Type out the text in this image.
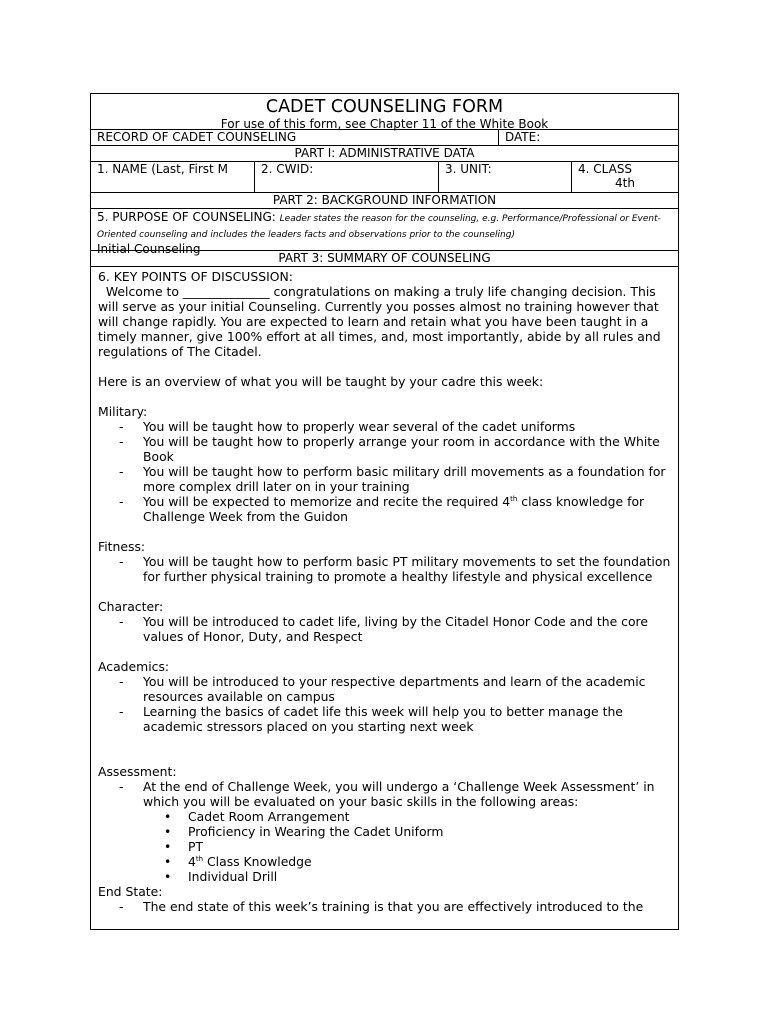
CADET COUNSELING FORM
For use of this form, see Chapter 11 of the White Book
RECORD OF CADET COUNSELING	DATE:
PART I: ADMINISTRATIVE DATA
1. NAME (Last, First M	2. CWID:	3. UNIT:	4. CLASS
4th
PART 2: BACKGROUND INFORMATION
5. PURPOSE OF COUNSELING: Leader states the reason for the counseling, e.g. Performance/Professional or Event-Oriented counseling and includes the leaders facts and observations prior to the counseling)
Initial Counseling
PART 3: SUMMARY OF COUNSELING

6. KEY POINTS OF DISCUSSION:

Welcome to ______________ congratulations on making a truly life changing decision. This will serve as your initial Counseling. Currently you posses almost no training however that will change rapidly. You are expected to learn and retain what you have been taught in a timely manner, give 100% effort at all times, and, most importantly, abide by all rules and regulations of The Citadel.

Here is an overview of what you will be taught by your cadre this week:

Military:

- You will be taught how to properly wear several of the cadet uniforms
- You will be taught how to properly arrange your room in accordance with the White Book
- You will be taught how to perform basic military drill movements as a foundation for more complex drill later on in your training
- You will be expected to memorize and recite the required 4th class knowledge for Challenge Week from the Guidon

Fitness:

- You will be taught how to perform basic PT military movements to set the foundation for further physical training to promote a healthy lifestyle and physical excellence

Character:

- You will be introduced to cadet life, living by the Citadel Honor Code and the core values of Honor, Duty, and Respect

Academics:

- You will be introduced to your respective departments and learn of the academic resources available on campus
- Learning the basics of cadet life this week will help you to better manage the academic stressors placed on you starting next week

Assessment:

- At the end of Challenge Week, you will undergo a ‘Challenge Week Assessment’ in which you will be evaluated on your basic skills in the following areas:
• Cadet Room Arrangement
• Proficiency in Wearing the Cadet Uniform
• PT
• 4th Class Knowledge
• Individual Drill

End State:

- The end state of this week’s training is that you are effectively introduced to the
